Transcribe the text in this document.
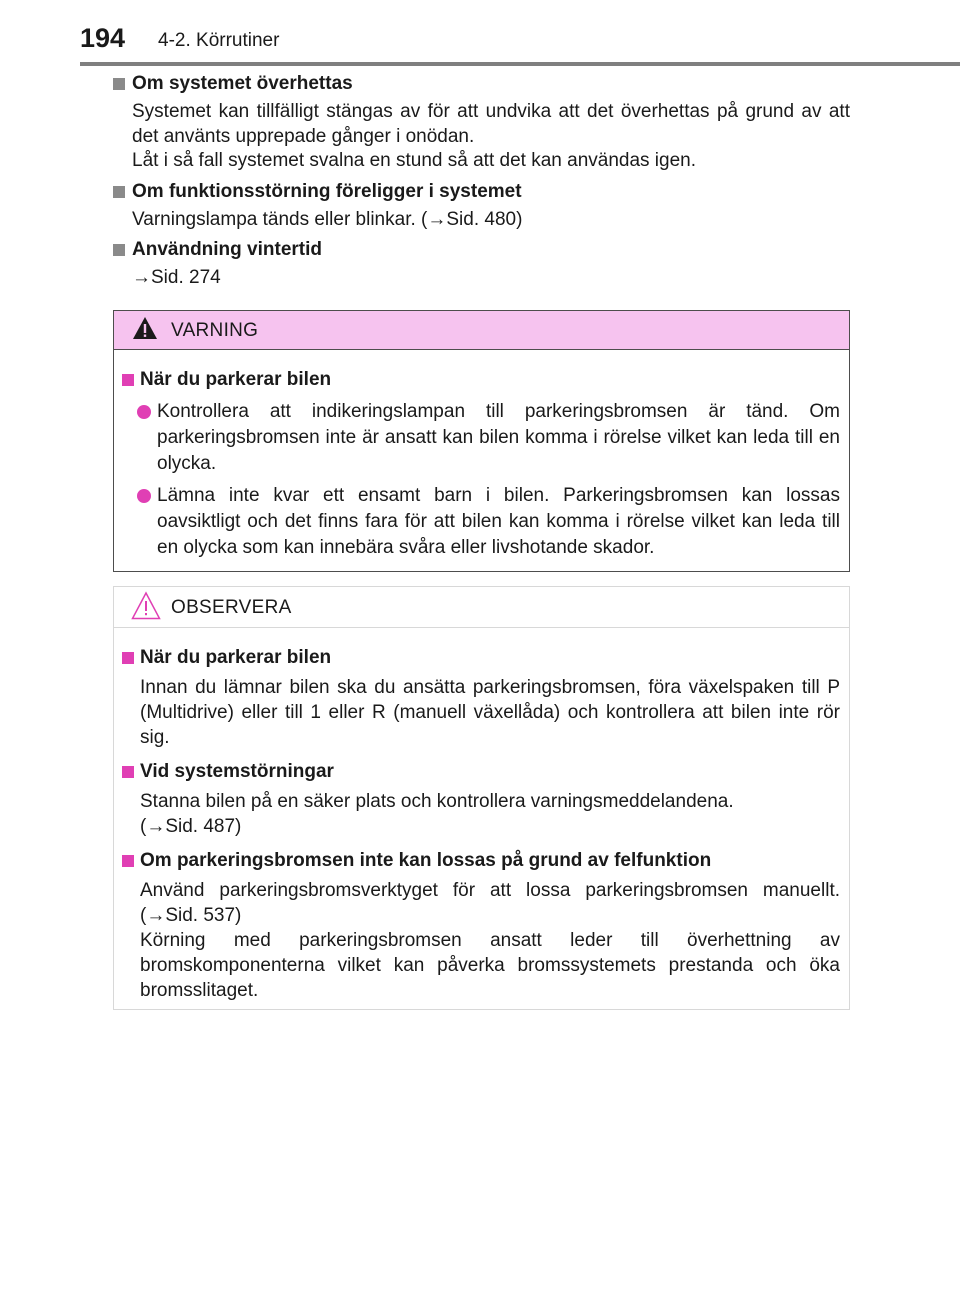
194 4-2. Körrutiner
Om systemet överhettas

Systemet kan tillfälligt stängas av för att undvika att det överhettas på grund av att det använts upprepade gånger i onödan.

Låt i så fall systemet svalna en stund så att det kan användas igen.

Om funktionsstörning föreligger i systemet

Varningslampa tänds eller blinkar. (→Sid. 480)

Användning vintertid

→Sid. 274

VARNING
När du parkerar bilen
Kontrollera att indikeringslampan till parkeringsbromsen är tänd. Om parkeringsbromsen inte är ansatt kan bilen komma i rörelse vilket kan leda till en olycka.
Lämna inte kvar ett ensamt barn i bilen. Parkeringsbromsen kan lossas oavsiktligt och det finns fara för att bilen kan komma i rörelse vilket kan leda till en olycka som kan innebära svåra eller livshotande skador.
OBSERVERA
När du parkerar bilen

Innan du lämnar bilen ska du ansätta parkeringsbromsen, föra växelspaken till P (Multidrive) eller till 1 eller R (manuell växellåda) och kontrollera att bilen inte rör sig.

Vid systemstörningar

Stanna bilen på en säker plats och kontrollera varningsmeddelandena.

(→Sid. 487)

Om parkeringsbromsen inte kan lossas på grund av felfunktion

Använd parkeringsbromsverktyget för att lossa parkeringsbromsen manuellt. (→Sid. 537)

Körning med parkeringsbromsen ansatt leder till överhettning av bromskomponenterna vilket kan påverka bromssystemets prestanda och öka bromsslitaget.
